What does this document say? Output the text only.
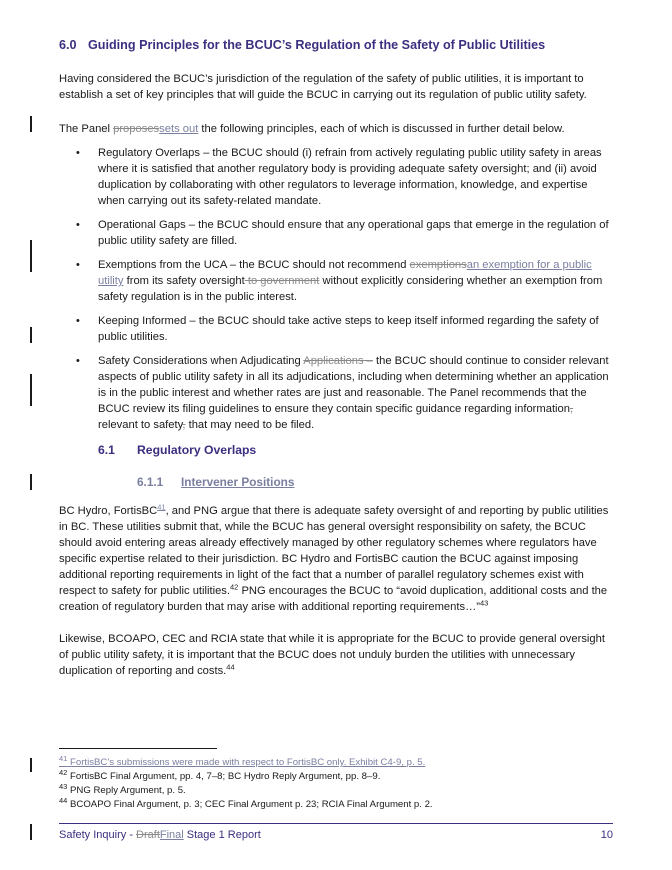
6.0 Guiding Principles for the BCUC’s Regulation of the Safety of Public Utilities

Having considered the BCUC’s jurisdiction of the regulation of the safety of public utilities, it is important to establish a set of key principles that will guide the BCUC in carrying out its regulation of public utility safety.

The Panel proposessets out the following principles, each of which is discussed in further detail below.

• Regulatory Overlaps – the BCUC should (i) refrain from actively regulating public utility safety in areas where it is satisfied that another regulatory body is providing adequate safety oversight; and (ii) avoid duplication by collaborating with other regulators to leverage information, knowledge, and expertise when carrying out its safety-related mandate.
• Operational Gaps – the BCUC should ensure that any operational gaps that emerge in the regulation of public utility safety are filled.
• Exemptions from the UCA – the BCUC should not recommend exemptionsan exemption for a public utility from its safety oversight to government without explicitly considering whether an exemption from safety regulation is in the public interest.
• Keeping Informed – the BCUC should take active steps to keep itself informed regarding the safety of public utilities.
• Safety Considerations when Adjudicating Applications – the BCUC should continue to consider relevant aspects of public utility safety in all its adjudications, including when determining whether an application is in the public interest and whether rates are just and reasonable. The Panel recommends that the BCUC review its filing guidelines to ensure they contain specific guidance regarding information, relevant to safety, that may need to be filed.
6.1 Regulatory Overlaps
6.1.1 Intervener Positions

BC Hydro, FortisBC$^{41}$, and PNG argue that there is adequate safety oversight of and reporting by public utilities in BC. These utilities submit that, while the BCUC has general oversight responsibility on safety, the BCUC should avoid entering areas already effectively managed by other regulatory schemes where regulators have specific expertise related to their jurisdiction. BC Hydro and FortisBC caution the BCUC against imposing additional reporting requirements in light of the fact that a number of parallel regulatory schemes exist with respect to safety for public utilities.$^{42}$ PNG encourages the BCUC to “avoid duplication, additional costs and the creation of regulatory burden that may arise with additional reporting requirements…”$^{43}$

Likewise, BCOAPO, CEC and RCIA state that while it is appropriate for the BCUC to provide general oversight of public utility safety, it is important that the BCUC does not unduly burden the utilities with unnecessary duplication of reporting and costs.$^{44}$

$^{41}$ FortisBC’s submissions were made with respect to FortisBC only. Exhibit C4-9, p. 5.
$^{42}$ FortisBC Final Argument, pp. 4, 7–8; BC Hydro Reply Argument, pp. 8–9.
$^{43}$ PNG Reply Argument, p. 5.
$^{44}$ BCOAPO Final Argument, p. 3; CEC Final Argument p. 23; RCIA Final Argument p. 2.
Safety Inquiry - DraftFinal Stage 1 Report	10
